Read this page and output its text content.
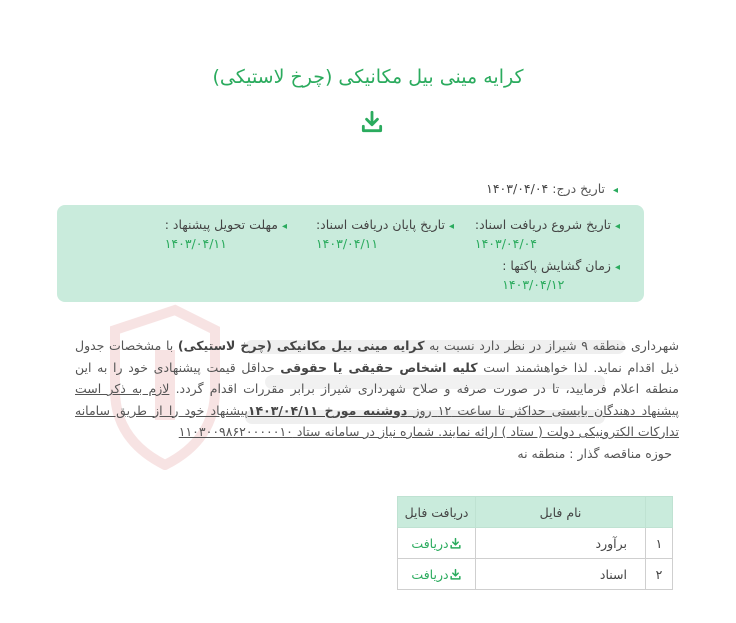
کرایه مینی بیل مکانیکی (چرخ لاستیکی)
◂ تاریخ درج: ۱۴۰۳/۰۴/۰۴
◂تاریخ شروع دریافت اسناد:
۱۴۰۳/۰۴/۰۴
◂تاریخ پایان دریافت اسناد:
۱۴۰۳/۰۴/۱۱
◂مهلت تحویل پیشنهاد :
۱۴۰۳/۰۴/۱۱
◂زمان گشایش پاکتها :
۱۴۰۳/۰۴/۱۲
شهرداری منطقه ۹ شیراز در نظر دارد نسبت به کرایه مینی بیل مکانیکی (چرخ لاستیکی) با مشخصات جدول ذیل اقدام نماید. لذا خواهشمند است کلیه اشخاص حقیقی یا حقوقی حداقل قیمت پیشنهادی خود را به این منطقه اعلام فرمایید، تا در صورت صرفه و صلاح شهرداری شیراز برابر مقررات اقدام گردد. لازم به ذکر است پیشنهاد دهندگان بایستی حداکثر تا ساعت ۱۲ روز دوشنبه مورخ ۱۴۰۳/۰۴/۱۱پیشنهاد خود را از طریق سامانه تدارکات الکترونیکی دولت ( ستاد ) ارائه نمایند. شماره نیاز در سامانه ستاد ۱۱۰۳۰۰۹۸۶۲۰۰۰۰۰۱۰
حوزه مناقصه گذار : منطقه نه
	نام فایل	دریافت فایل
۱	برآورد	دریافت
۲	اسناد	دریافت
